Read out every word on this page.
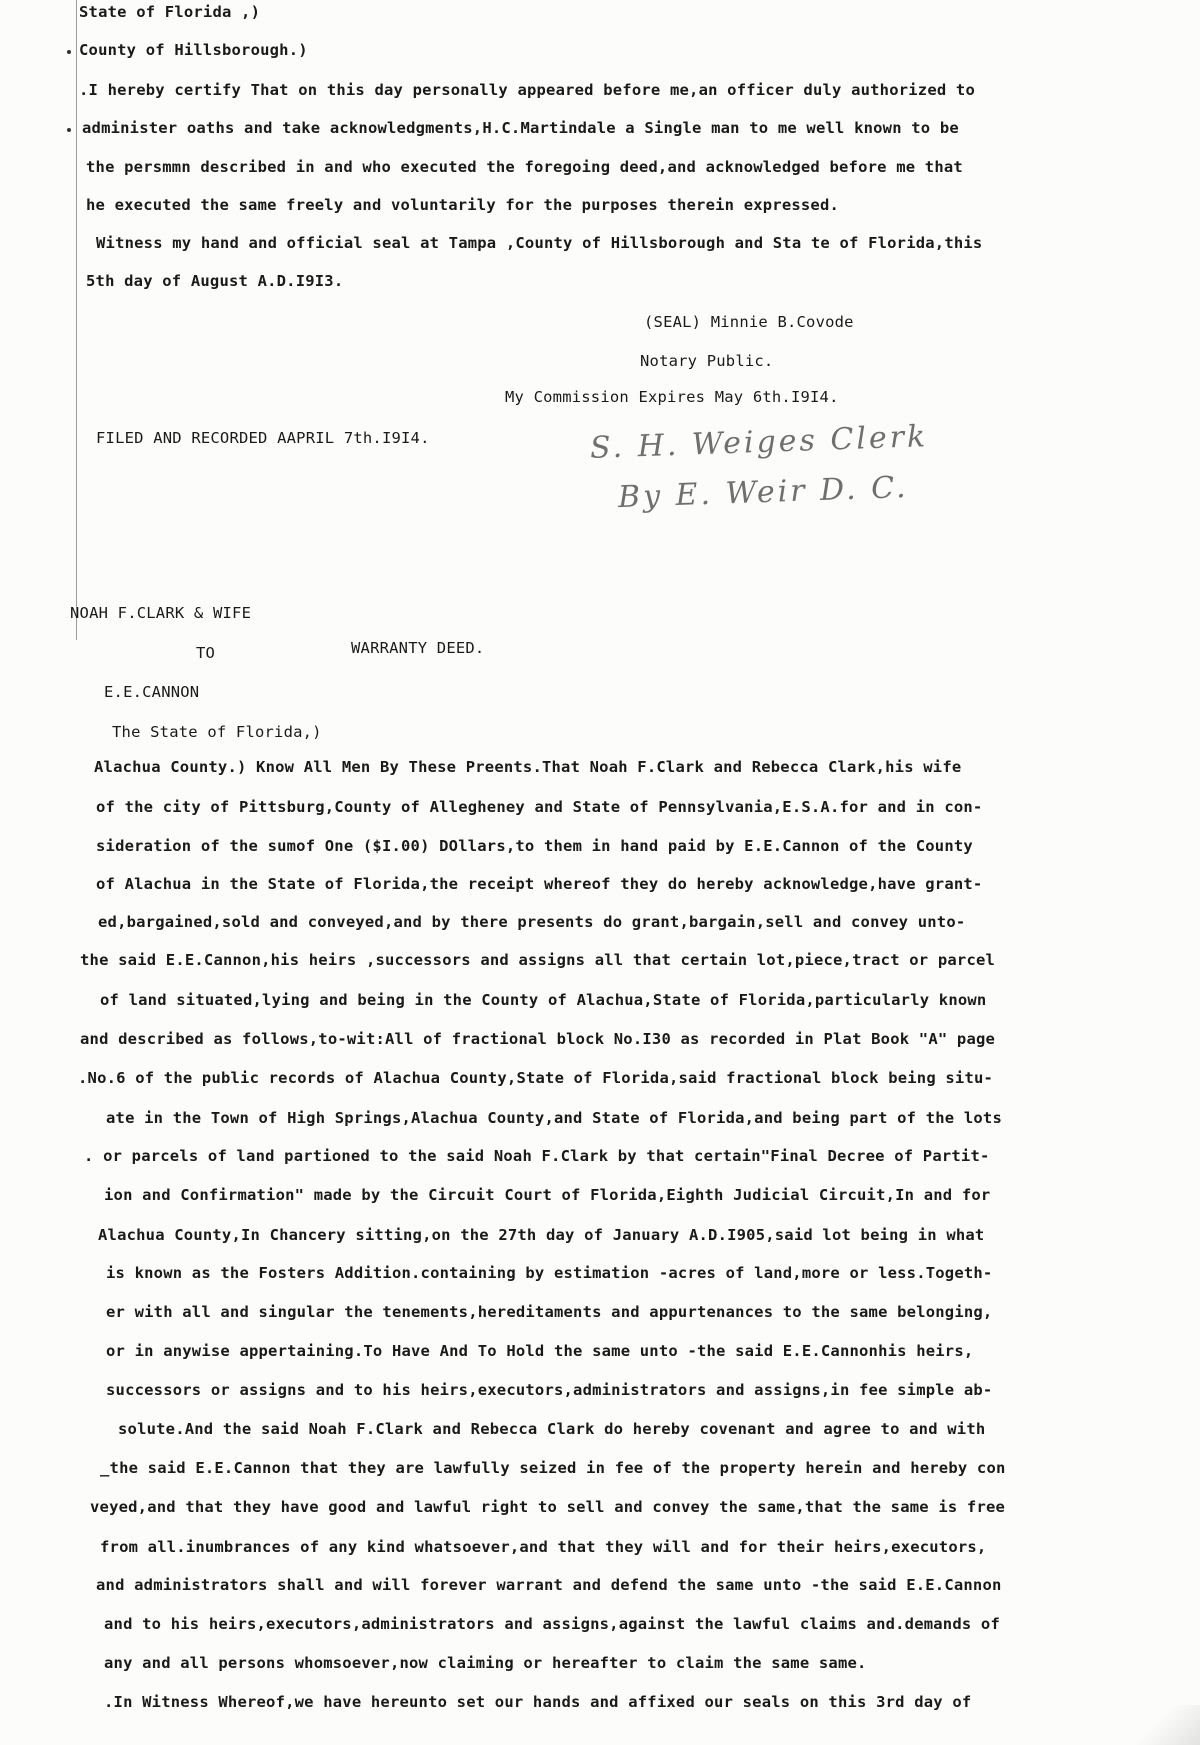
State of Florida ,)
County of Hillsborough.)
.I hereby certify That on this day personally appeared before me,an officer duly authorized to
administer oaths and take acknowledgments,H.C.Martindale a Single man to me well known to be
the persmmn described in and who executed the foregoing deed,and acknowledged before me that
he executed the same freely and voluntarily for the purposes therein expressed.
Witness my hand and official seal at Tampa ,County of Hillsborough and Sta te of Florida,this
5th day of August A.D.I9I3.
(SEAL) Minnie B.Covode
Notary Public.
My Commission Expires May 6th.I9I4.
FILED AND RECORDED AAPRIL 7th.I9I4.	S. H. Weiges Clerk
By E. Weir D. C.
NOAH F.CLARK & WIFE
TO	WARRANTY DEED.
E.E.CANNON
The State of Florida,)
Alachua County.) Know All Men By These Preents.That Noah F.Clark and Rebecca Clark,his wife
of the city of Pittsburg,County of Allegheney and State of Pennsylvania,E.S.A.for and in con-
sideration of the sumof One ($I.00) DOllars,to them in hand paid by E.E.Cannon of the County
of Alachua in the State of Florida,the receipt whereof they do hereby acknowledge,have grant-
ed,bargained,sold and conveyed,and by there presents do grant,bargain,sell and convey unto-
the said E.E.Cannon,his heirs ,successors and assigns all that certain lot,piece,tract or parcel
of land situated,lying and being in the County of Alachua,State of Florida,particularly known
and described as follows,to-wit:All of fractional block No.I30 as recorded in Plat Book "A" page
.No.6 of the public records of Alachua County,State of Florida,said fractional block being situ-
ate in the Town of High Springs,Alachua County,and State of Florida,and being part of the lots
. or parcels of land partioned to the said Noah F.Clark by that certain"Final Decree of Partit-
ion and Confirmation" made by the Circuit Court of Florida,Eighth Judicial Circuit,In and for
Alachua County,In Chancery sitting,on the 27th day of January A.D.I905,said lot being in what
is known as the Fosters Addition.containing by estimation -acres of land,more or less.Togeth-
er with all and singular the tenements,hereditaments and appurtenances to the same belonging,
or in anywise appertaining.To Have And To Hold the same unto -the said E.E.Cannonhis heirs,
successors or assigns and to his heirs,executors,administrators and assigns,in fee simple ab-
solute.And the said Noah F.Clark and Rebecca Clark do hereby covenant and agree to and with
_the said E.E.Cannon that they are lawfully seized in fee of the property herein and hereby con
veyed,and that they have good and lawful right to sell and convey the same,that the same is free
from all.inumbrances of any kind whatsoever,and that they will and for their heirs,executors,
and administrators shall and will forever warrant and defend the same unto -the said E.E.Cannon
and to his heirs,executors,administrators and assigns,against the lawful claims and.demands of
any and all persons whomsoever,now claiming or hereafter to claim the same same.
.In Witness Whereof,we have hereunto set our hands and affixed our seals on this 3rd day of
